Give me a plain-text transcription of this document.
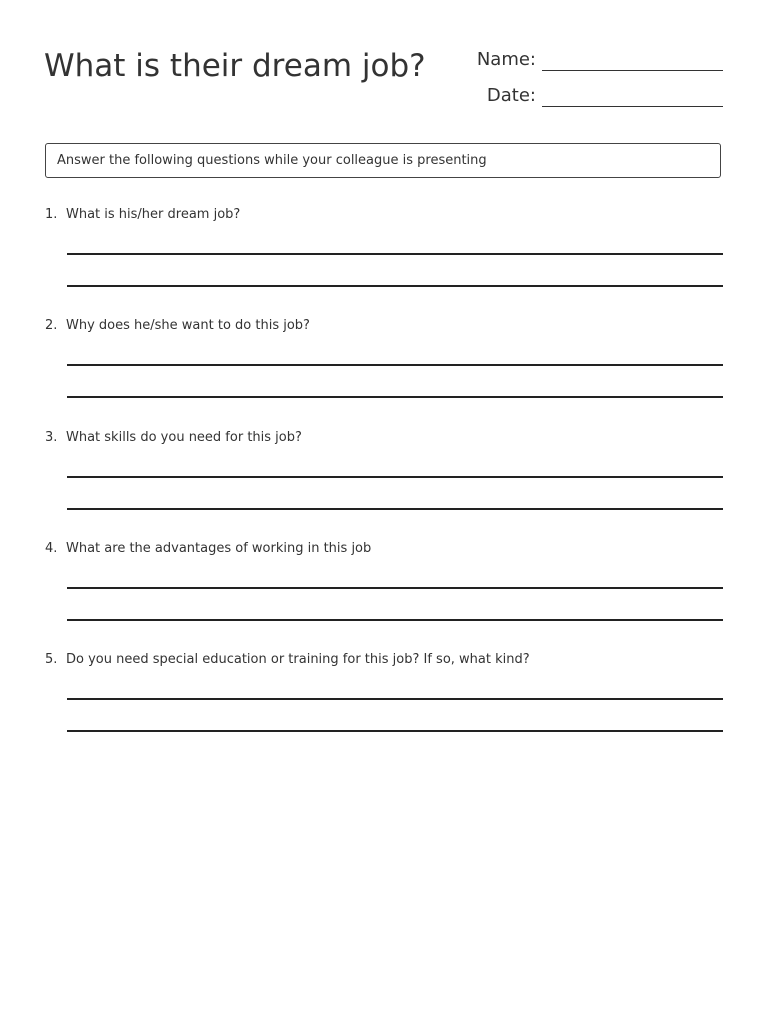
What is their dream job?	Name:
Date:
Answer the following questions while your colleague is presenting
1. What is his/her dream job?
2. Why does he/she want to do this job?
3. What skills do you need for this job?
4. What are the advantages of working in this job
5. Do you need special education or training for this job? If so, what kind?
